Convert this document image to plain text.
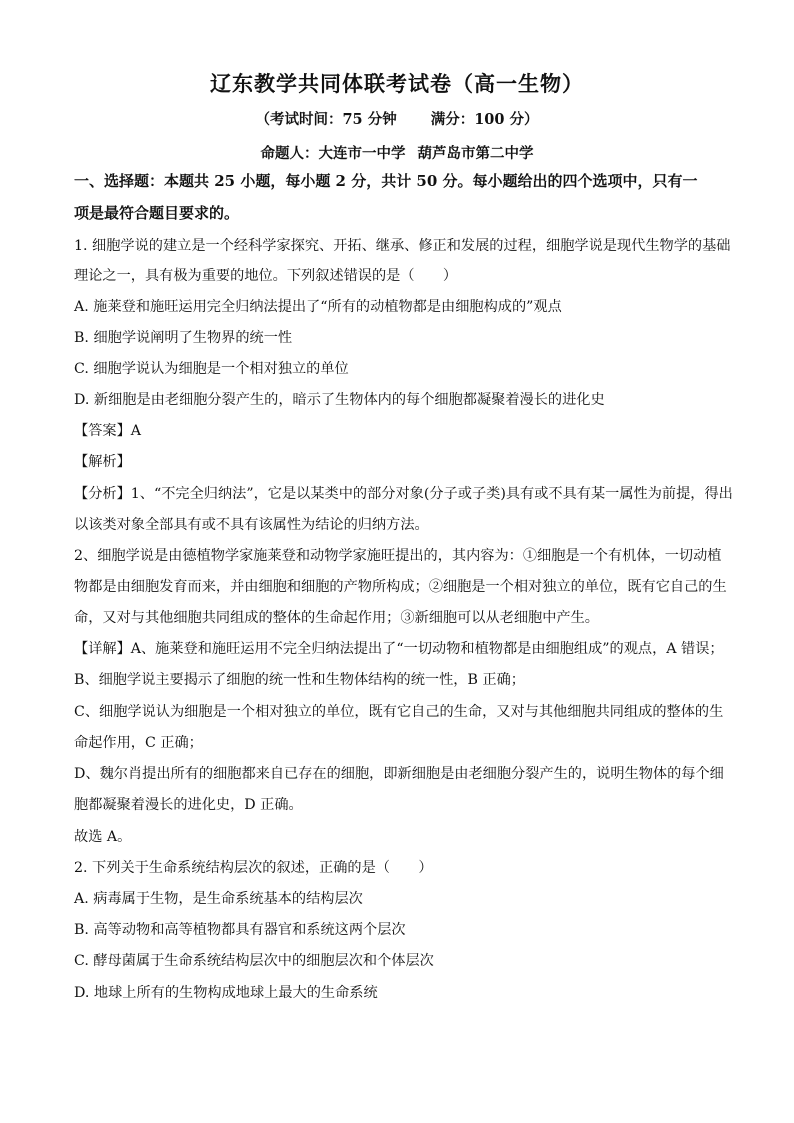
辽东教学共同体联考试卷（高一生物）
（考试时间：75 分钟 满分：100 分）
命题人：大连市一中学 葫芦岛市第二中学
一、选择题：本题共 25 小题，每小题 2 分，共计 50 分。每小题给出的四个选项中，只有一
项是最符合题目要求的。
1. 细胞学说的建立是一个经科学家探究、开拓、继承、修正和发展的过程，细胞学说是现代生物学的基础
理论之一，具有极为重要的地位。下列叙述错误的是（　　）
A. 施莱登和施旺运用完全归纳法提出了“所有的动植物都是由细胞构成的”观点
B. 细胞学说阐明了生物界的统一性
C. 细胞学说认为细胞是一个相对独立的单位
D. 新细胞是由老细胞分裂产生的，暗示了生物体内的每个细胞都凝聚着漫长的进化史
【答案】A
【解析】
【分析】1、“不完全归纳法”，它是以某类中的部分对象(分子或子类)具有或不具有某一属性为前提，得出
以该类对象全部具有或不具有该属性为结论的归纳方法。
2、细胞学说是由德植物学家施莱登和动物学家施旺提出的，其内容为：①细胞是一个有机体，一切动植
物都是由细胞发育而来，并由细胞和细胞的产物所构成；②细胞是一个相对独立的单位，既有它自己的生
命，又对与其他细胞共同组成的整体的生命起作用；③新细胞可以从老细胞中产生。
【详解】A、施莱登和施旺运用不完全归纳法提出了“一切动物和植物都是由细胞组成”的观点，A 错误；
B、细胞学说主要揭示了细胞的统一性和生物体结构的统一性，B 正确；
C、细胞学说认为细胞是一个相对独立的单位，既有它自己的生命，又对与其他细胞共同组成的整体的生
命起作用，C 正确；
D、魏尔肖提出所有的细胞都来自已存在的细胞，即新细胞是由老细胞分裂产生的，说明生物体的每个细
胞都凝聚着漫长的进化史，D 正确。
故选 A。
2. 下列关于生命系统结构层次的叙述，正确的是（　　）
A. 病毒属于生物，是生命系统基本的结构层次
B. 高等动物和高等植物都具有器官和系统这两个层次
C. 酵母菌属于生命系统结构层次中的细胞层次和个体层次
D. 地球上所有的生物构成地球上最大的生命系统
